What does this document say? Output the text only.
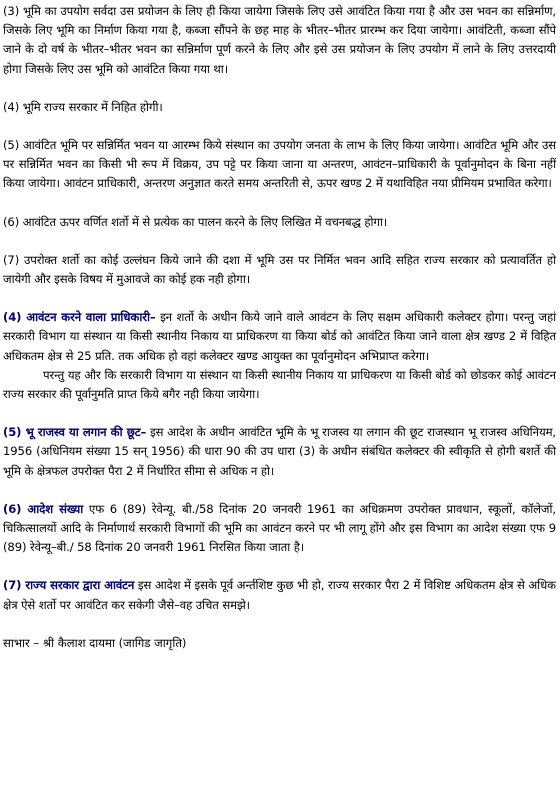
(3) भूमि का उपयोग सर्वदा उस प्रयोजन के लिए ही किया जायेगा जिसके लिए उसे आवंटित किया गया है और उस भवन का सन्निर्माण, जिसके लिए भूमि का निर्माण किया गया है, कब्जा सौंपने के छह माह के भीतर–भीतर प्रारम्भ कर दिया जायेगा। आवंटिती, कब्जा सौंपे जाने के दो वर्ष के भीतर–भीतर भवन का सन्निर्माण पूर्ण करने के लिए और इसे उस प्रयोजन के लिए उपयोग में लाने के लिए उत्तरदायी होगा जिसके लिए उस भूमि को आवंटित किया गया था।

(4) भूमि राज्य सरकार में निहित होगी।

(5) आवंटित भूमि पर सन्निर्मित भवन या आरम्भ किये संस्थान का उपयोग जनता के लाभ के लिए किया जायेगा। आवंटित भूमि और उस पर सन्निर्मित भवन का किसी भी रूप में विक्रय, उप पट्टे पर किया जाना या अन्तरण, आवंटन–प्राधिकारी के पूर्वानुमोदन के बिना नहीं किया जायेगा। आवंटन प्राधिकारी, अन्तरण अनुज्ञात करते समय अन्तरिती से, ऊपर खण्ड 2 में यथाविहित नया प्रीमियम प्रभावित करेगा।

(6) आवंटित ऊपर वर्णित शर्तो में से प्रत्येक का पालन करने के लिए लिखित में वचनबद्ध होगा।

(7) उपरोक्त शर्तो का कोई उल्लंघन किये जाने की दशा में भूमि उस पर निर्मित भवन आदि सहित राज्य सरकार को प्रत्यावर्तित हो जायेगी और इसके विषय में मुआवजे का कोई हक नही होगा।

(4) आवंटन करने वाला प्राधिकारी– इन शर्तो के अधीन किये जाने वाले आवंटन के लिए सक्षम अधिकारी कलेक्टर होगा। परन्तु जहां सरकारी विभाग या संस्थान या किसी स्थानीय निकाय या प्राधिकरण या किया बोर्ड को आवंटित किया जाने वाला क्षेत्र खण्ड 2 में विहित अधिकतम क्षेत्र से 25 प्रति. तक अधिक हो वहां कलेक्टर खण्ड आयुक्त का पूर्वानुमोदन अभिप्राप्त करेगा।
परन्तु यह और कि सरकारी विभाग या संस्थान या किसी स्थानीय निकाय या प्राधिकरण या किसी बोर्ड को छोडकर कोई आवंटन राज्य सरकार की पूर्वानुमति प्राप्त किये बगैर नही किया जायेगा।

(5) भू राजस्व या लगान की छूट– इस आदेश के अधीन आवंटित भूमि के भू राजस्व या लगान की छूट राजस्थान भू राजस्व अधिनियम, 1956 (अधिनियम संख्या 15 सन् 1956) की धारा 90 की उप धारा (3) के अधीन संबंधित कलेक्टर की स्वीकृति से होगी बशर्ते की भूमि के क्षेत्रफल उपरोक्त पैरा 2 में निर्धारित सीमा से अधिक न हो।

(6) आदेश संख्या एफ 6 (89) रेवेन्यू. बी./58 दिनांक 20 जनवरी 1961 का अधिक्रमण उपरोक्त प्रावधान, स्कूलों, कॉलेजों, चिकित्सालयों आदि के निर्माणार्थ सरकारी विभागों की भूमि का आवंटन करने पर भी लागू होंगे और इस विभाग का आदेश संख्या एफ 9 (89) रेवेन्यू–बी./ 58 दिनांक 20 जनवरी 1961 निरसित किया जाता है।

(7) राज्य सरकार द्वारा आवंटन इस आदेश में इसके पूर्व अर्न्तशिष्ट कुछ भी हो, राज्य सरकार पैरा 2 में विशिष्ट अधिकतम क्षेत्र से अधिक क्षेत्र ऐसे शर्तो पर आवंटित कर सकेगी जैसे–वह उचित समझे।

साभार – श्री कैलाश दायमा (जागिड जागृति)
